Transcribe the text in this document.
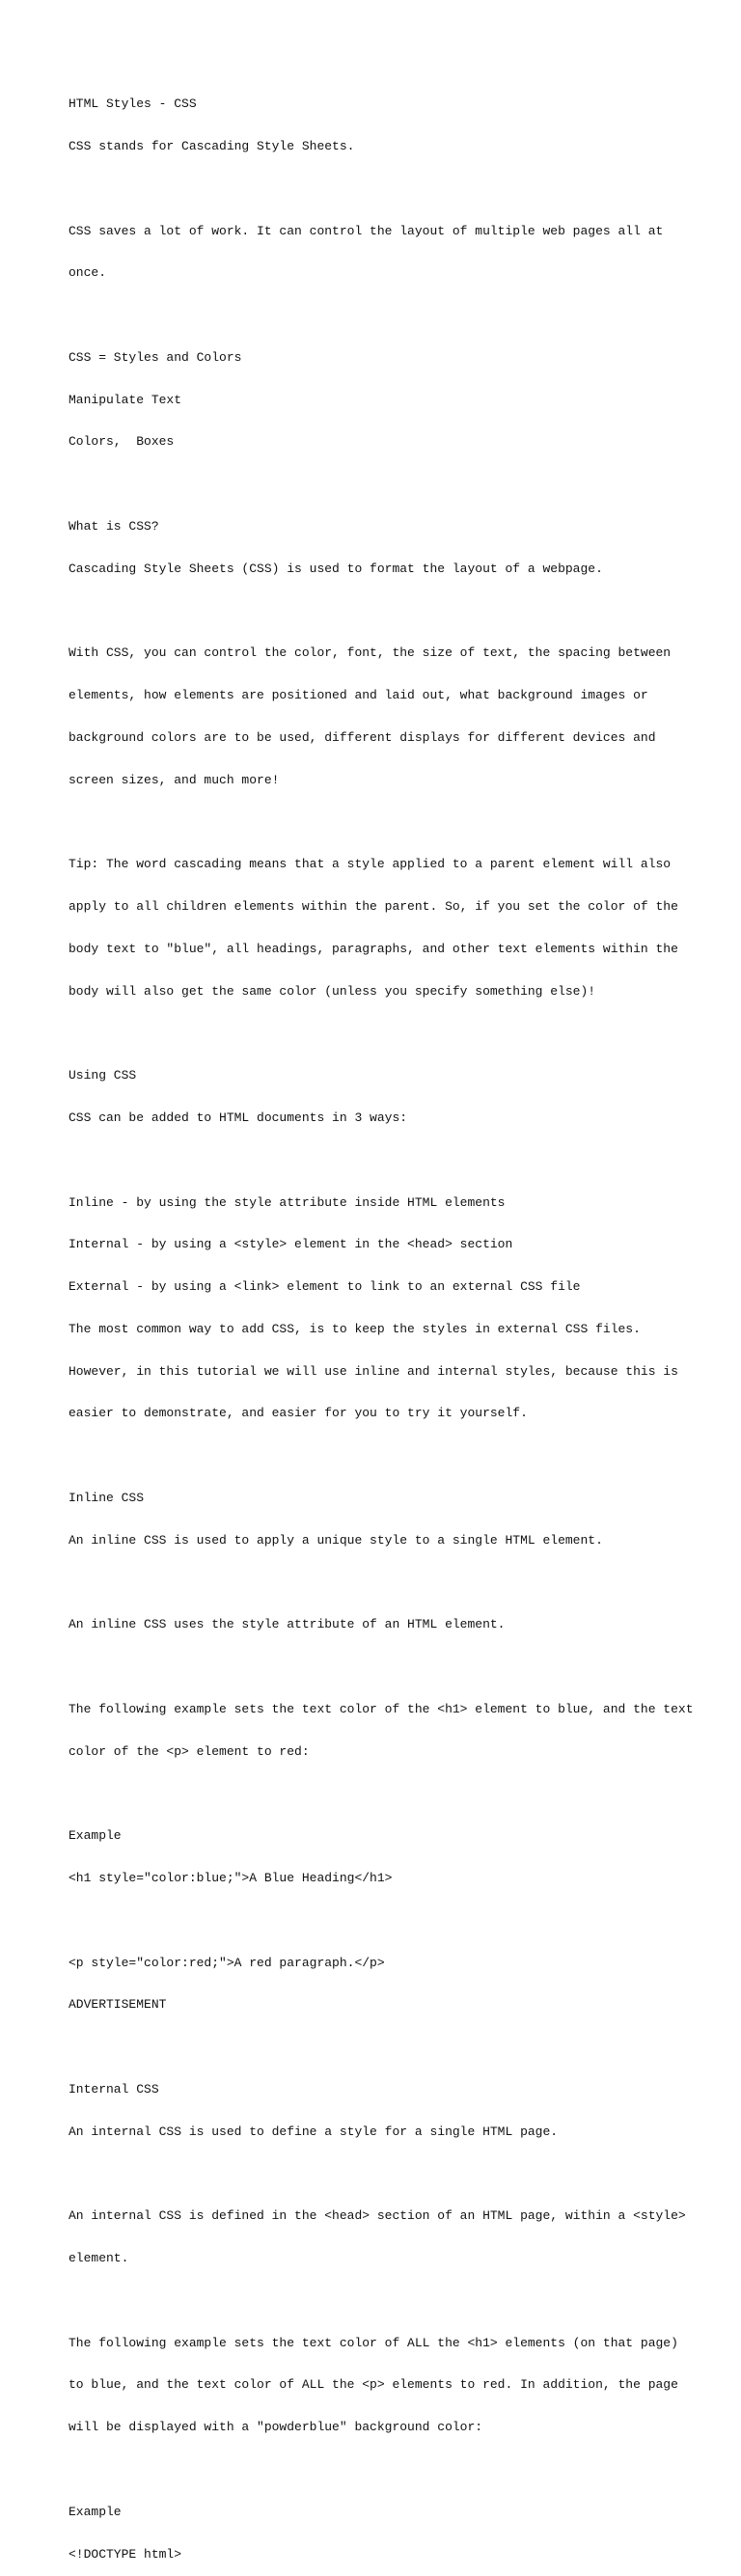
HTML Styles - CSS

CSS stands for Cascading Style Sheets.

CSS saves a lot of work. It can control the layout of multiple web pages all at

once.

CSS = Styles and Colors

Manipulate Text

Colors,  Boxes

What is CSS?

Cascading Style Sheets (CSS) is used to format the layout of a webpage.

With CSS, you can control the color, font, the size of text, the spacing between

elements, how elements are positioned and laid out, what background images or

background colors are to be used, different displays for different devices and

screen sizes, and much more!

Tip: The word cascading means that a style applied to a parent element will also

apply to all children elements within the parent. So, if you set the color of the

body text to "blue", all headings, paragraphs, and other text elements within the

body will also get the same color (unless you specify something else)!

Using CSS

CSS can be added to HTML documents in 3 ways:

Inline - by using the style attribute inside HTML elements

Internal - by using a <style> element in the <head> section

External - by using a <link> element to link to an external CSS file

The most common way to add CSS, is to keep the styles in external CSS files.

However, in this tutorial we will use inline and internal styles, because this is

easier to demonstrate, and easier for you to try it yourself.

Inline CSS

An inline CSS is used to apply a unique style to a single HTML element.

An inline CSS uses the style attribute of an HTML element.

The following example sets the text color of the <h1> element to blue, and the text

color of the <p> element to red:

Example

<h1 style="color:blue;">A Blue Heading</h1>

<p style="color:red;">A red paragraph.</p>

ADVERTISEMENT

Internal CSS

An internal CSS is used to define a style for a single HTML page.

An internal CSS is defined in the <head> section of an HTML page, within a <style>

element.

The following example sets the text color of ALL the <h1> elements (on that page)

to blue, and the text color of ALL the <p> elements to red. In addition, the page

will be displayed with a "powderblue" background color:

Example

<!DOCTYPE html>
